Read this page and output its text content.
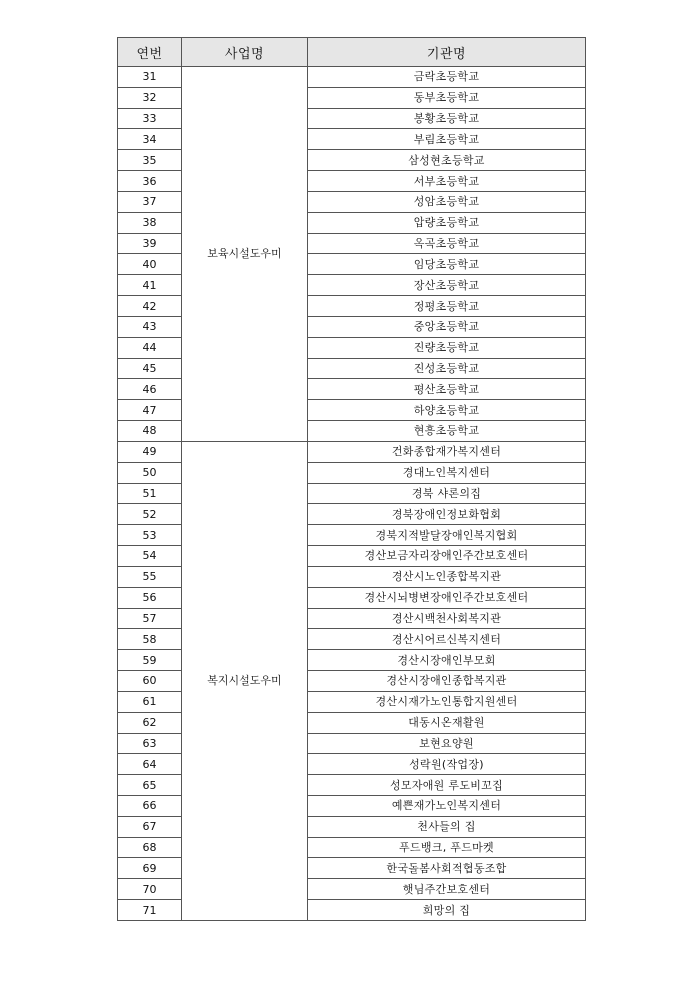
연번	사업명	기관명
31	보육시설도우미	금락초등학교
32		동부초등학교
33		봉황초등학교
34		부림초등학교
35		삼성현초등학교
36		서부초등학교
37		성암초등학교
38		압량초등학교
39		옥곡초등학교
40		임당초등학교
41		장산초등학교
42		정평초등학교
43		중앙초등학교
44		진량초등학교
45		진성초등학교
46		평산초등학교
47		하양초등학교
48		현흥초등학교
49	복지시설도우미	건화종합재가복지센터
50		경대노인복지센터
51		경북 샤론의집
52		경북장애인정보화협회
53		경북지적발달장애인복지협회
54		경산보금자리장애인주간보호센터
55		경산시노인종합복지관
56		경산시뇌병변장애인주간보호센터
57		경산시백천사회복지관
58		경산시어르신복지센터
59		경산시장애인부모회
60		경산시장애인종합복지관
61		경산시재가노인통합지원센터
62		대동시온재활원
63		보현요양원
64		성락원(작업장)
65		성모자애원 루도비꼬집
66		예쁜재가노인복지센터
67		천사들의 집
68		푸드뱅크, 푸드마켓
69		한국돌봄사회적협동조합
70		햇님주간보호센터
71		희망의 집
